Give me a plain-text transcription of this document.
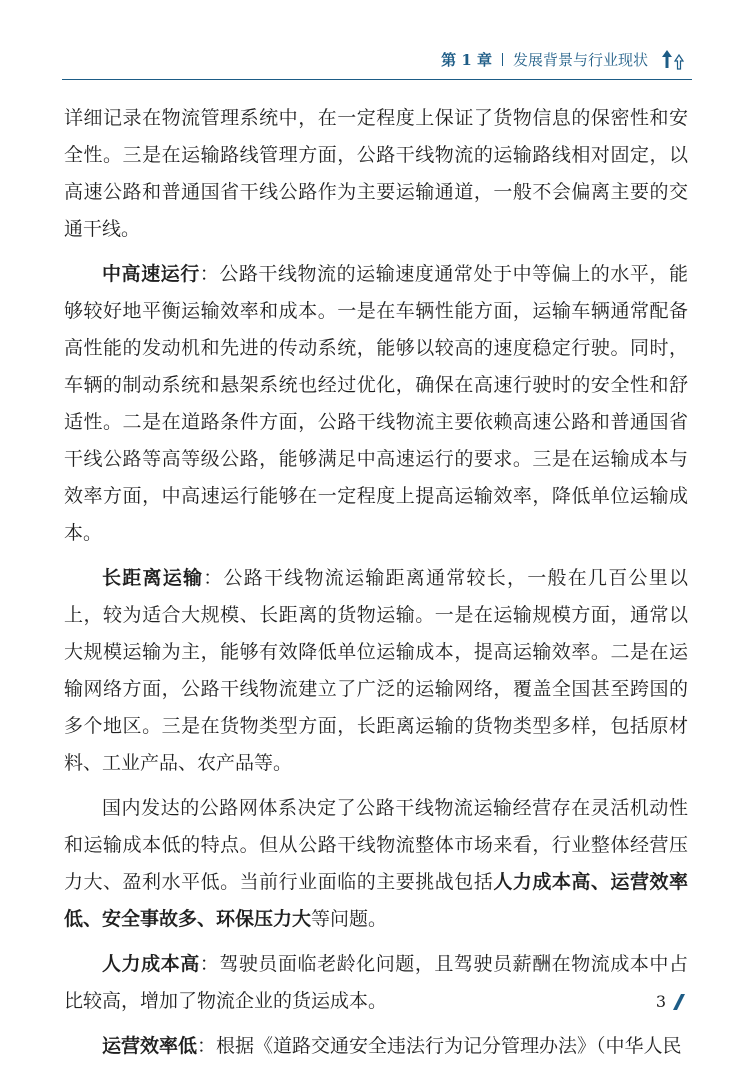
第 1 章 发展背景与行业现状

详细记录在物流管理系统中，在一定程度上保证了货物信息的保密性和安全性。三是在运输路线管理方面，公路干线物流的运输路线相对固定，以高速公路和普通国省干线公路作为主要运输通道，一般不会偏离主要的交通干线。

中高速运行：公路干线物流的运输速度通常处于中等偏上的水平，能够较好地平衡运输效率和成本。一是在车辆性能方面，运输车辆通常配备高性能的发动机和先进的传动系统，能够以较高的速度稳定行驶。同时，车辆的制动系统和悬架系统也经过优化，确保在高速行驶时的安全性和舒适性。二是在道路条件方面，公路干线物流主要依赖高速公路和普通国省干线公路等高等级公路，能够满足中高速运行的要求。三是在运输成本与效率方面，中高速运行能够在一定程度上提高运输效率，降低单位运输成本。

长距离运输：公路干线物流运输距离通常较长，一般在几百公里以上，较为适合大规模、长距离的货物运输。一是在运输规模方面，通常以大规模运输为主，能够有效降低单位运输成本，提高运输效率。二是在运输网络方面，公路干线物流建立了广泛的运输网络，覆盖全国甚至跨国的多个地区。三是在货物类型方面，长距离运输的货物类型多样，包括原材料、工业产品、农产品等。

国内发达的公路网体系决定了公路干线物流运输经营存在灵活机动性和运输成本低的特点。但从公路干线物流整体市场来看，行业整体经营压力大、盈利水平低。当前行业面临的主要挑战包括人力成本高、运营效率低、安全事故多、环保压力大等问题。

人力成本高：驾驶员面临老龄化问题，且驾驶员薪酬在物流成本中占比较高，增加了物流企业的货运成本。

运营效率低：根据《道路交通安全违法行为记分管理办法》（中华人民

3
